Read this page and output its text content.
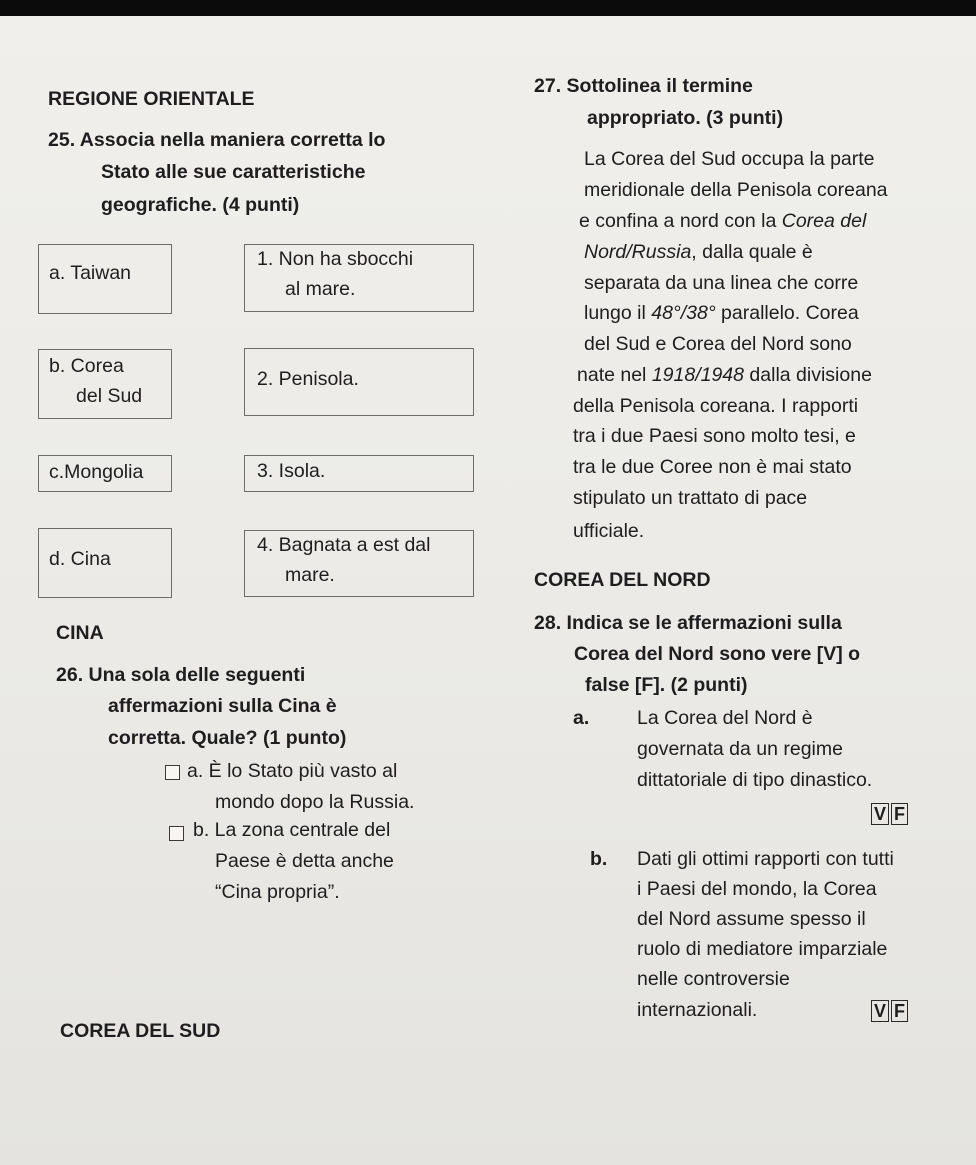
REGIONE ORIENTALE
25. Associa nella maniera corretta lo
Stato alle sue caratteristiche
geografiche. (4 punti)
a. Taiwan
b. Corea
del Sud
c.Mongolia
d. Cina
1. Non ha sbocchi
al mare.
2. Penisola.
3. Isola.
4. Bagnata a est dal
mare.
CINA
26. Una sola delle seguenti
affermazioni sulla Cina è
corretta. Quale? (1 punto)
a. È lo Stato più vasto al
mondo dopo la Russia.
b. La zona centrale del
Paese è detta anche
“Cina propria”.
COREA DEL SUD
27. Sottolinea il termine
appropriato. (3 punti)
La Corea del Sud occupa la parte
meridionale della Penisola coreana
e confina a nord con la Corea del
Nord/Russia, dalla quale è
separata da una linea che corre
lungo il 48°/38° parallelo. Corea
del Sud e Corea del Nord sono
nate nel 1918/1948 dalla divisione
della Penisola coreana. I rapporti
tra i due Paesi sono molto tesi, e
tra le due Coree non è mai stato
stipulato un trattato di pace
ufficiale.
COREA DEL NORD
28. Indica se le affermazioni sulla
Corea del Nord sono vere [V] o
false [F]. (2 punti)
a. La Corea del Nord è
governata da un regime
dittatoriale di tipo dinastico.
V F
b. Dati gli ottimi rapporti con tutti
i Paesi del mondo, la Corea
del Nord assume spesso il
ruolo di mediatore imparziale
nelle controversie
internazionali.	V F
